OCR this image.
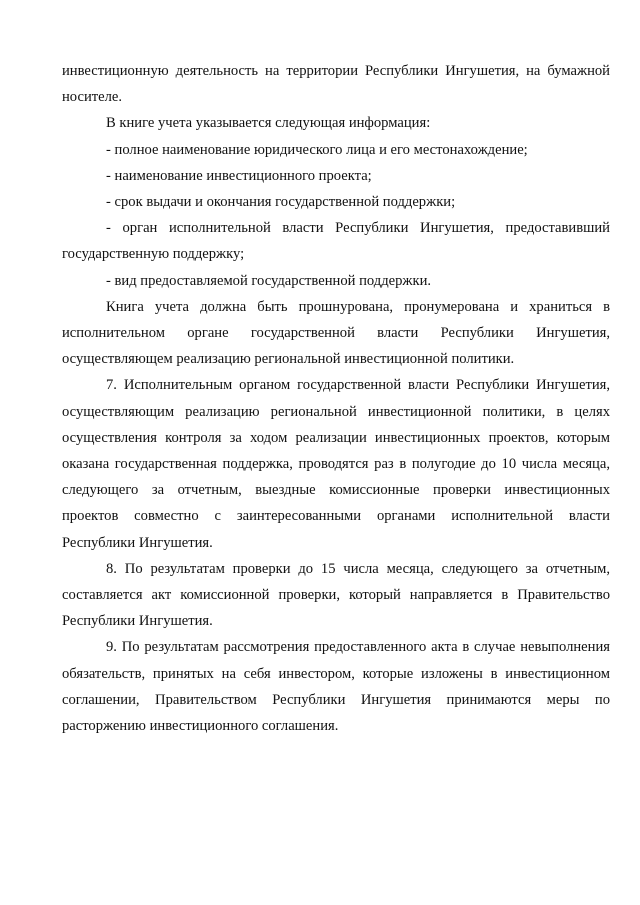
инвестиционную деятельность на территории Республики Ингушетия, на бумажной носителе.

В книге учета указывается следующая информация:

- полное наименование юридического лица и его местонахождение;

- наименование инвестиционного проекта;

- срок выдачи и окончания государственной поддержки;

- орган исполнительной власти Республики Ингушетия, предоставивший государственную поддержку;

- вид предоставляемой государственной поддержки.

Книга учета должна быть прошнурована, пронумерована и храниться в исполнительном органе государственной власти Республики Ингушетия, осуществляющем реализацию региональной инвестиционной политики.

7. Исполнительным органом государственной власти Республики Ингушетия, осуществляющим реализацию региональной инвестиционной политики, в целях осуществления контроля за ходом реализации инвестиционных проектов, которым оказана государственная поддержка, проводятся раз в полугодие до 10 числа месяца, следующего за отчетным, выездные комиссионные проверки инвестиционных проектов совместно с заинтересованными органами исполнительной власти Республики Ингушетия.

8. По результатам проверки до 15 числа месяца, следующего за отчетным, составляется акт комиссионной проверки, который направляется в Правительство Республики Ингушетия.

9. По результатам рассмотрения предоставленного акта в случае невыполнения обязательств, принятых на себя инвестором, которые изложены в инвестиционном соглашении, Правительством Республики Ингушетия принимаются меры по расторжению инвестиционного соглашения.
